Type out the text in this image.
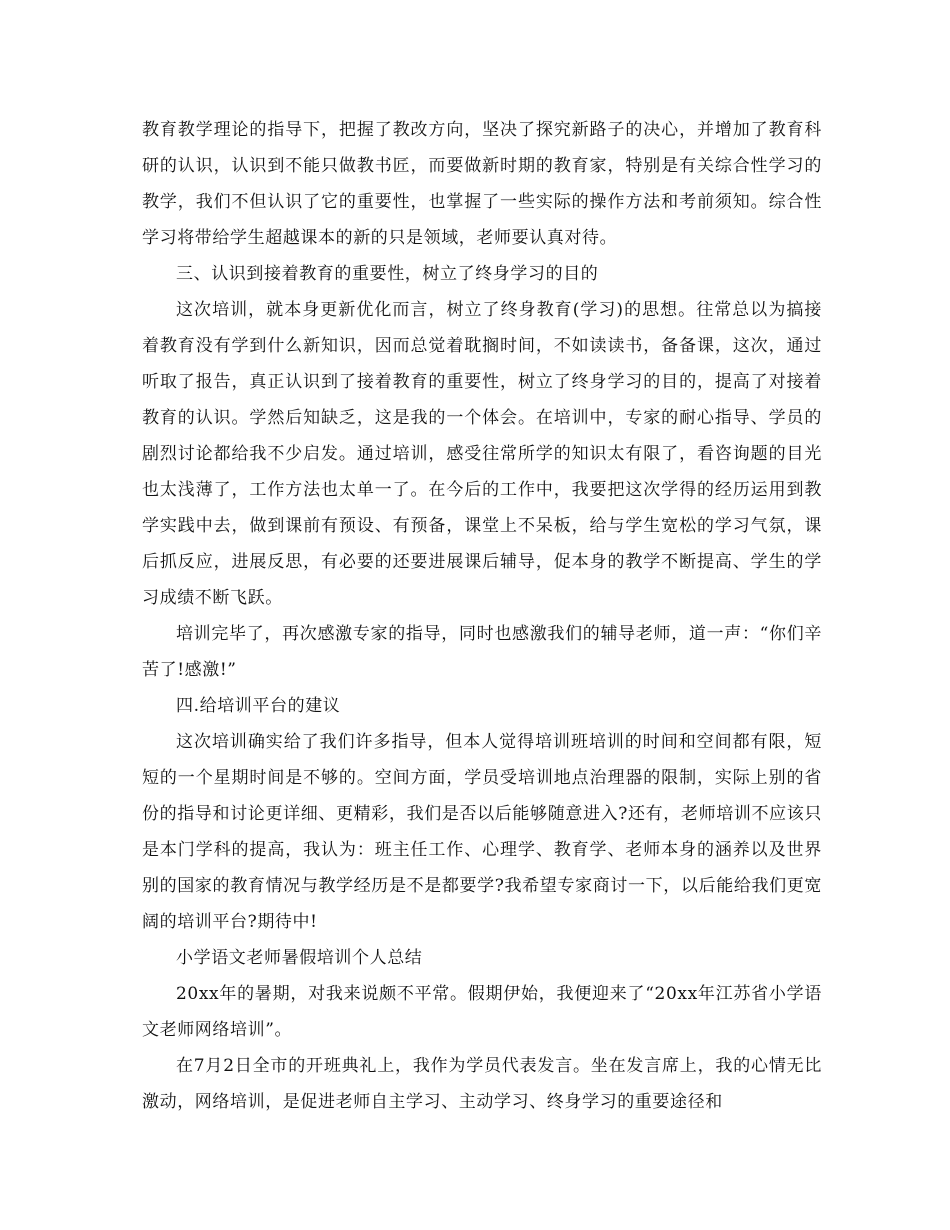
教育教学理论的指导下，把握了教改方向，坚决了探究新路子的决心，并增加了教育科研的认识，认识到不能只做教书匠，而要做新时期的教育家，特别是有关综合性学习的教学，我们不但认识了它的重要性，也掌握了一些实际的操作方法和考前须知。综合性学习将带给学生超越课本的新的只是领域，老师要认真对待。

三、认识到接着教育的重要性，树立了终身学习的目的

这次培训，就本身更新优化而言，树立了终身教育(学习)的思想。往常总以为搞接着教育没有学到什么新知识，因而总觉着耽搁时间，不如读读书，备备课，这次，通过听取了报告，真正认识到了接着教育的重要性，树立了终身学习的目的，提高了对接着教育的认识。学然后知缺乏，这是我的一个体会。在培训中，专家的耐心指导、学员的剧烈讨论都给我不少启发。通过培训，感受往常所学的知识太有限了，看咨询题的目光也太浅薄了，工作方法也太单一了。在今后的工作中，我要把这次学得的经历运用到教学实践中去，做到课前有预设、有预备，课堂上不呆板，给与学生宽松的学习气氛，课后抓反应，进展反思，有必要的还要进展课后辅导，促本身的教学不断提高、学生的学习成绩不断飞跃。

培训完毕了，再次感激专家的指导，同时也感激我们的辅导老师，道一声：“你们辛苦了!感激!”

四.给培训平台的建议

这次培训确实给了我们许多指导，但本人觉得培训班培训的时间和空间都有限，短短的一个星期时间是不够的。空间方面，学员受培训地点治理器的限制，实际上别的省份的指导和讨论更详细、更精彩，我们是否以后能够随意进入?还有，老师培训不应该只是本门学科的提高，我认为：班主任工作、心理学、教育学、老师本身的涵养以及世界别的国家的教育情况与教学经历是不是都要学?我希望专家商讨一下，以后能给我们更宽阔的培训平台?期待中!

小学语文老师暑假培训个人总结

20xx年的暑期，对我来说颇不平常。假期伊始，我便迎来了“20xx年江苏省小学语文老师网络培训”。

在7月2日全市的开班典礼上，我作为学员代表发言。坐在发言席上，我的心情无比激动，网络培训，是促进老师自主学习、主动学习、终身学习的重要途径和
